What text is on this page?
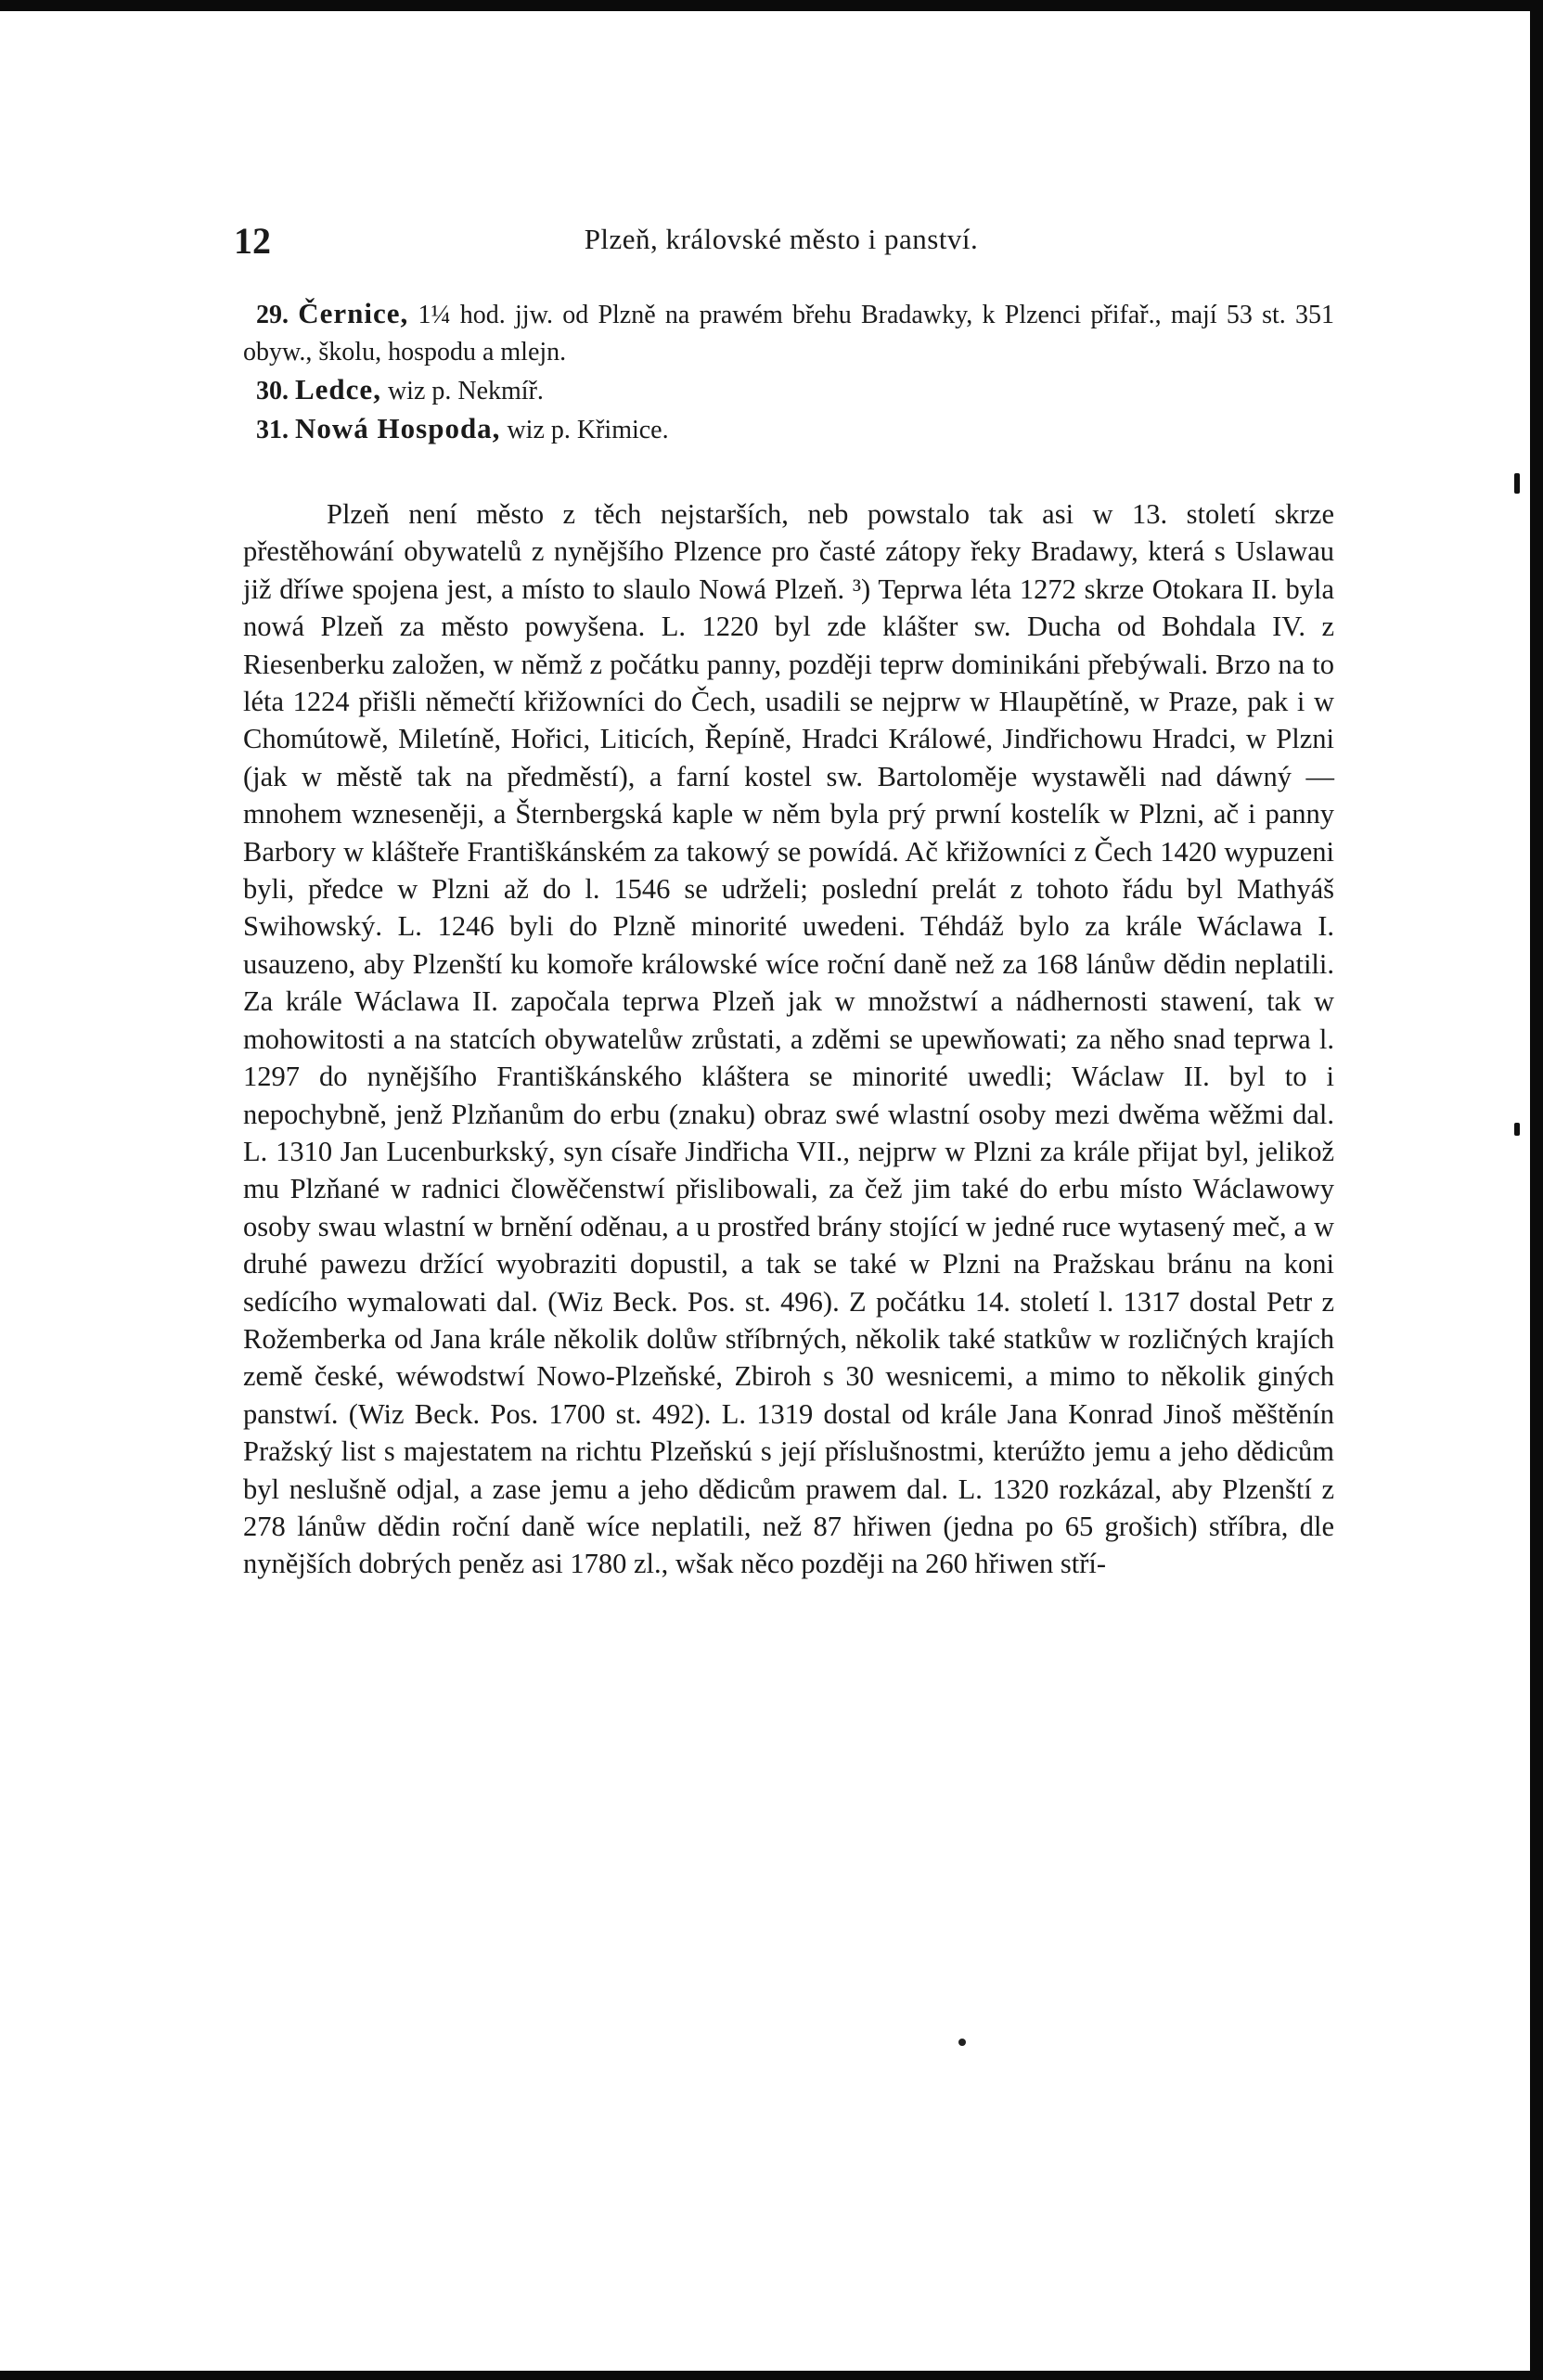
12	Plzeň, královské město i panství.

29. Černice, 1¼ hod. jjw. od Plzně na prawém břehu Bradawky, k Plzenci přifař., mají 53 st. 351 obyw., školu, hospodu a mlejn.

30. Ledce, wiz p. Nekmíř.

31. Nowá Hospoda, wiz p. Křimice.

Plzeň není město z těch nejstarších, neb powstalo tak asi w 13. století skrze přestěhowání obywatelů z nynějšího Plzence pro časté zátopy řeky Bradawy, která s Uslawau již dříwe spojena jest, a místo to slaulo Nowá Plzeň. ³) Teprwa léta 1272 skrze Otokara II. byla nowá Plzeň za město powyšena. L. 1220 byl zde klášter sw. Ducha od Bohdala IV. z Riesenberku založen, w němž z počátku panny, později teprw dominikáni přebýwali. Brzo na to léta 1224 přišli němečtí křižowníci do Čech, usadili se nejprw w Hlaupětíně, w Praze, pak i w Chomútowě, Miletíně, Hořici, Liticích, Řepíně, Hradci Králowé, Jindřichowu Hradci, w Plzni (jak w městě tak na předměstí), a farní kostel sw. Bartoloměje wystawěli nad dáwný — mnohem wzneseněji, a Šternbergská kaple w něm byla prý prwní kostelík w Plzni, ač i panny Barbory w klášteře Františkánském za takowý se powídá. Ač křižowníci z Čech 1420 wypuzeni byli, předce w Plzni až do l. 1546 se udrželi; poslední prelát z tohoto řádu byl Mathyáš Swihowský. L. 1246 byli do Plzně minorité uwedeni. Téhdáž bylo za krále Wáclawa I. usauzeno, aby Plzenští ku komoře králowské wíce roční daně než za 168 lánůw dědin neplatili. Za krále Wáclawa II. započala teprwa Plzeň jak w množstwí a nádhernosti stawení, tak w mohowitosti a na statcích obywatelůw zrůstati, a zděmi se upewňowati; za něho snad teprwa l. 1297 do nynějšího Františkánského kláštera se minorité uwedli; Wáclaw II. byl to i nepochybně, jenž Plzňanům do erbu (znaku) obraz swé wlastní osoby mezi dwěma wěžmi dal. L. 1310 Jan Lucenburkský, syn císaře Jindřicha VII., nejprw w Plzni za krále přijat byl, jelikož mu Plzňané w radnici člowěčenstwí přislibowali, za čež jim také do erbu místo Wáclawowy osoby swau wlastní w brnění oděnau, a u prostřed brány stojící w jedné ruce wytasený meč, a w druhé pawezu držící wyobraziti dopustil, a tak se také w Plzni na Pražskau bránu na koni sedícího wymalowati dal. (Wiz Beck. Pos. st. 496). Z počátku 14. století l. 1317 dostal Petr z Rožemberka od Jana krále několik dolůw stříbrných, několik také statkůw w rozličných krajích země české, wéwodstwí Nowo-Plzeňské, Zbiroh s 30 wesnicemi, a mimo to několik giných panstwí. (Wiz Beck. Pos. 1700 st. 492). L. 1319 dostal od krále Jana Konrad Jinoš měštěnín Pražský list s majestatem na richtu Plzeňskú s její příslušnostmi, kterúžto jemu a jeho dědicům byl neslušně odjal, a zase jemu a jeho dědicům prawem dal. L. 1320 rozkázal, aby Plzenští z 278 lánůw dědin roční daně wíce neplatili, než 87 hřiwen (jedna po 65 grošich) stříbra, dle nynějších dobrých peněz asi 1780 zl., wšak něco později na 260 hřiwen stří-
